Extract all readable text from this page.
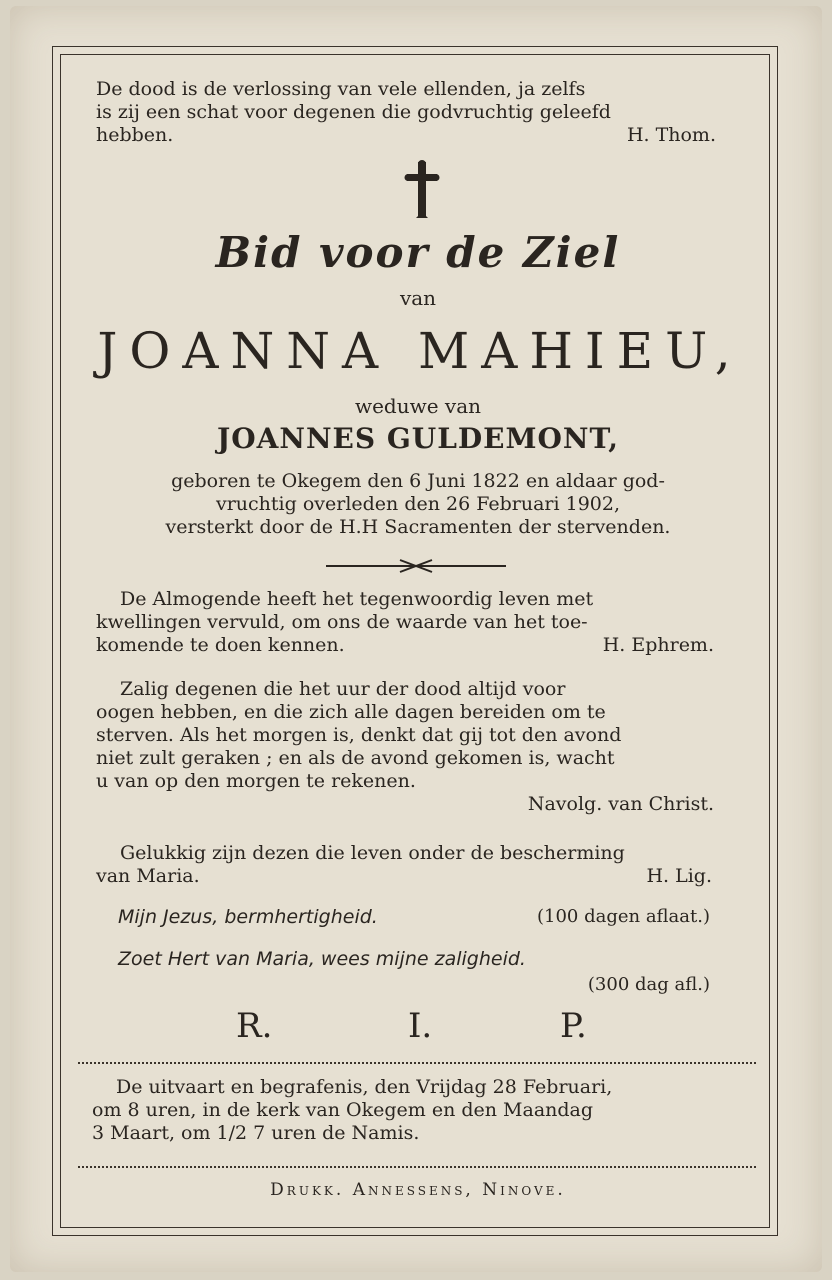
De dood is de verlossing van vele ellenden, ja zelfs
is zij een schat voor degenen die godvruchtig geleefd
hebben.	H. Thom.
Bid voor de Ziel
van
JOANNA MAHIEU,
weduwe van
JOANNES GULDEMONT,
geboren te Okegem den 6 Juni 1822 en aldaar god-
vruchtig overleden den 26 Februari 1902,
versterkt door de H.H Sacramenten der stervenden.
De Almogende heeft het tegenwoordig leven met
kwellingen vervuld, om ons de waarde van het toe-
komende te doen kennen.	H. Ephrem.
Zalig degenen die het uur der dood altijd voor
oogen hebben, en die zich alle dagen bereiden om te
sterven. Als het morgen is, denkt dat gij tot den avond
niet zult geraken ; en als de avond gekomen is, wacht
u van op den morgen te rekenen.
Navolg. van Christ.
Gelukkig zijn dezen die leven onder de bescherming
van Maria.	H. Lig.
Mijn Jezus, bermhertigheid.	(100 dagen aflaat.)
Zoet Hert van Maria, wees mijne zaligheid.
(300 dag afl.)
R.	I.	P.
De uitvaart en begrafenis, den Vrijdag 28 Februari,
om 8 uren, in de kerk van Okegem en den Maandag
3 Maart, om 1/2 7 uren de Namis.
Drukk. Annessens, Ninove.
